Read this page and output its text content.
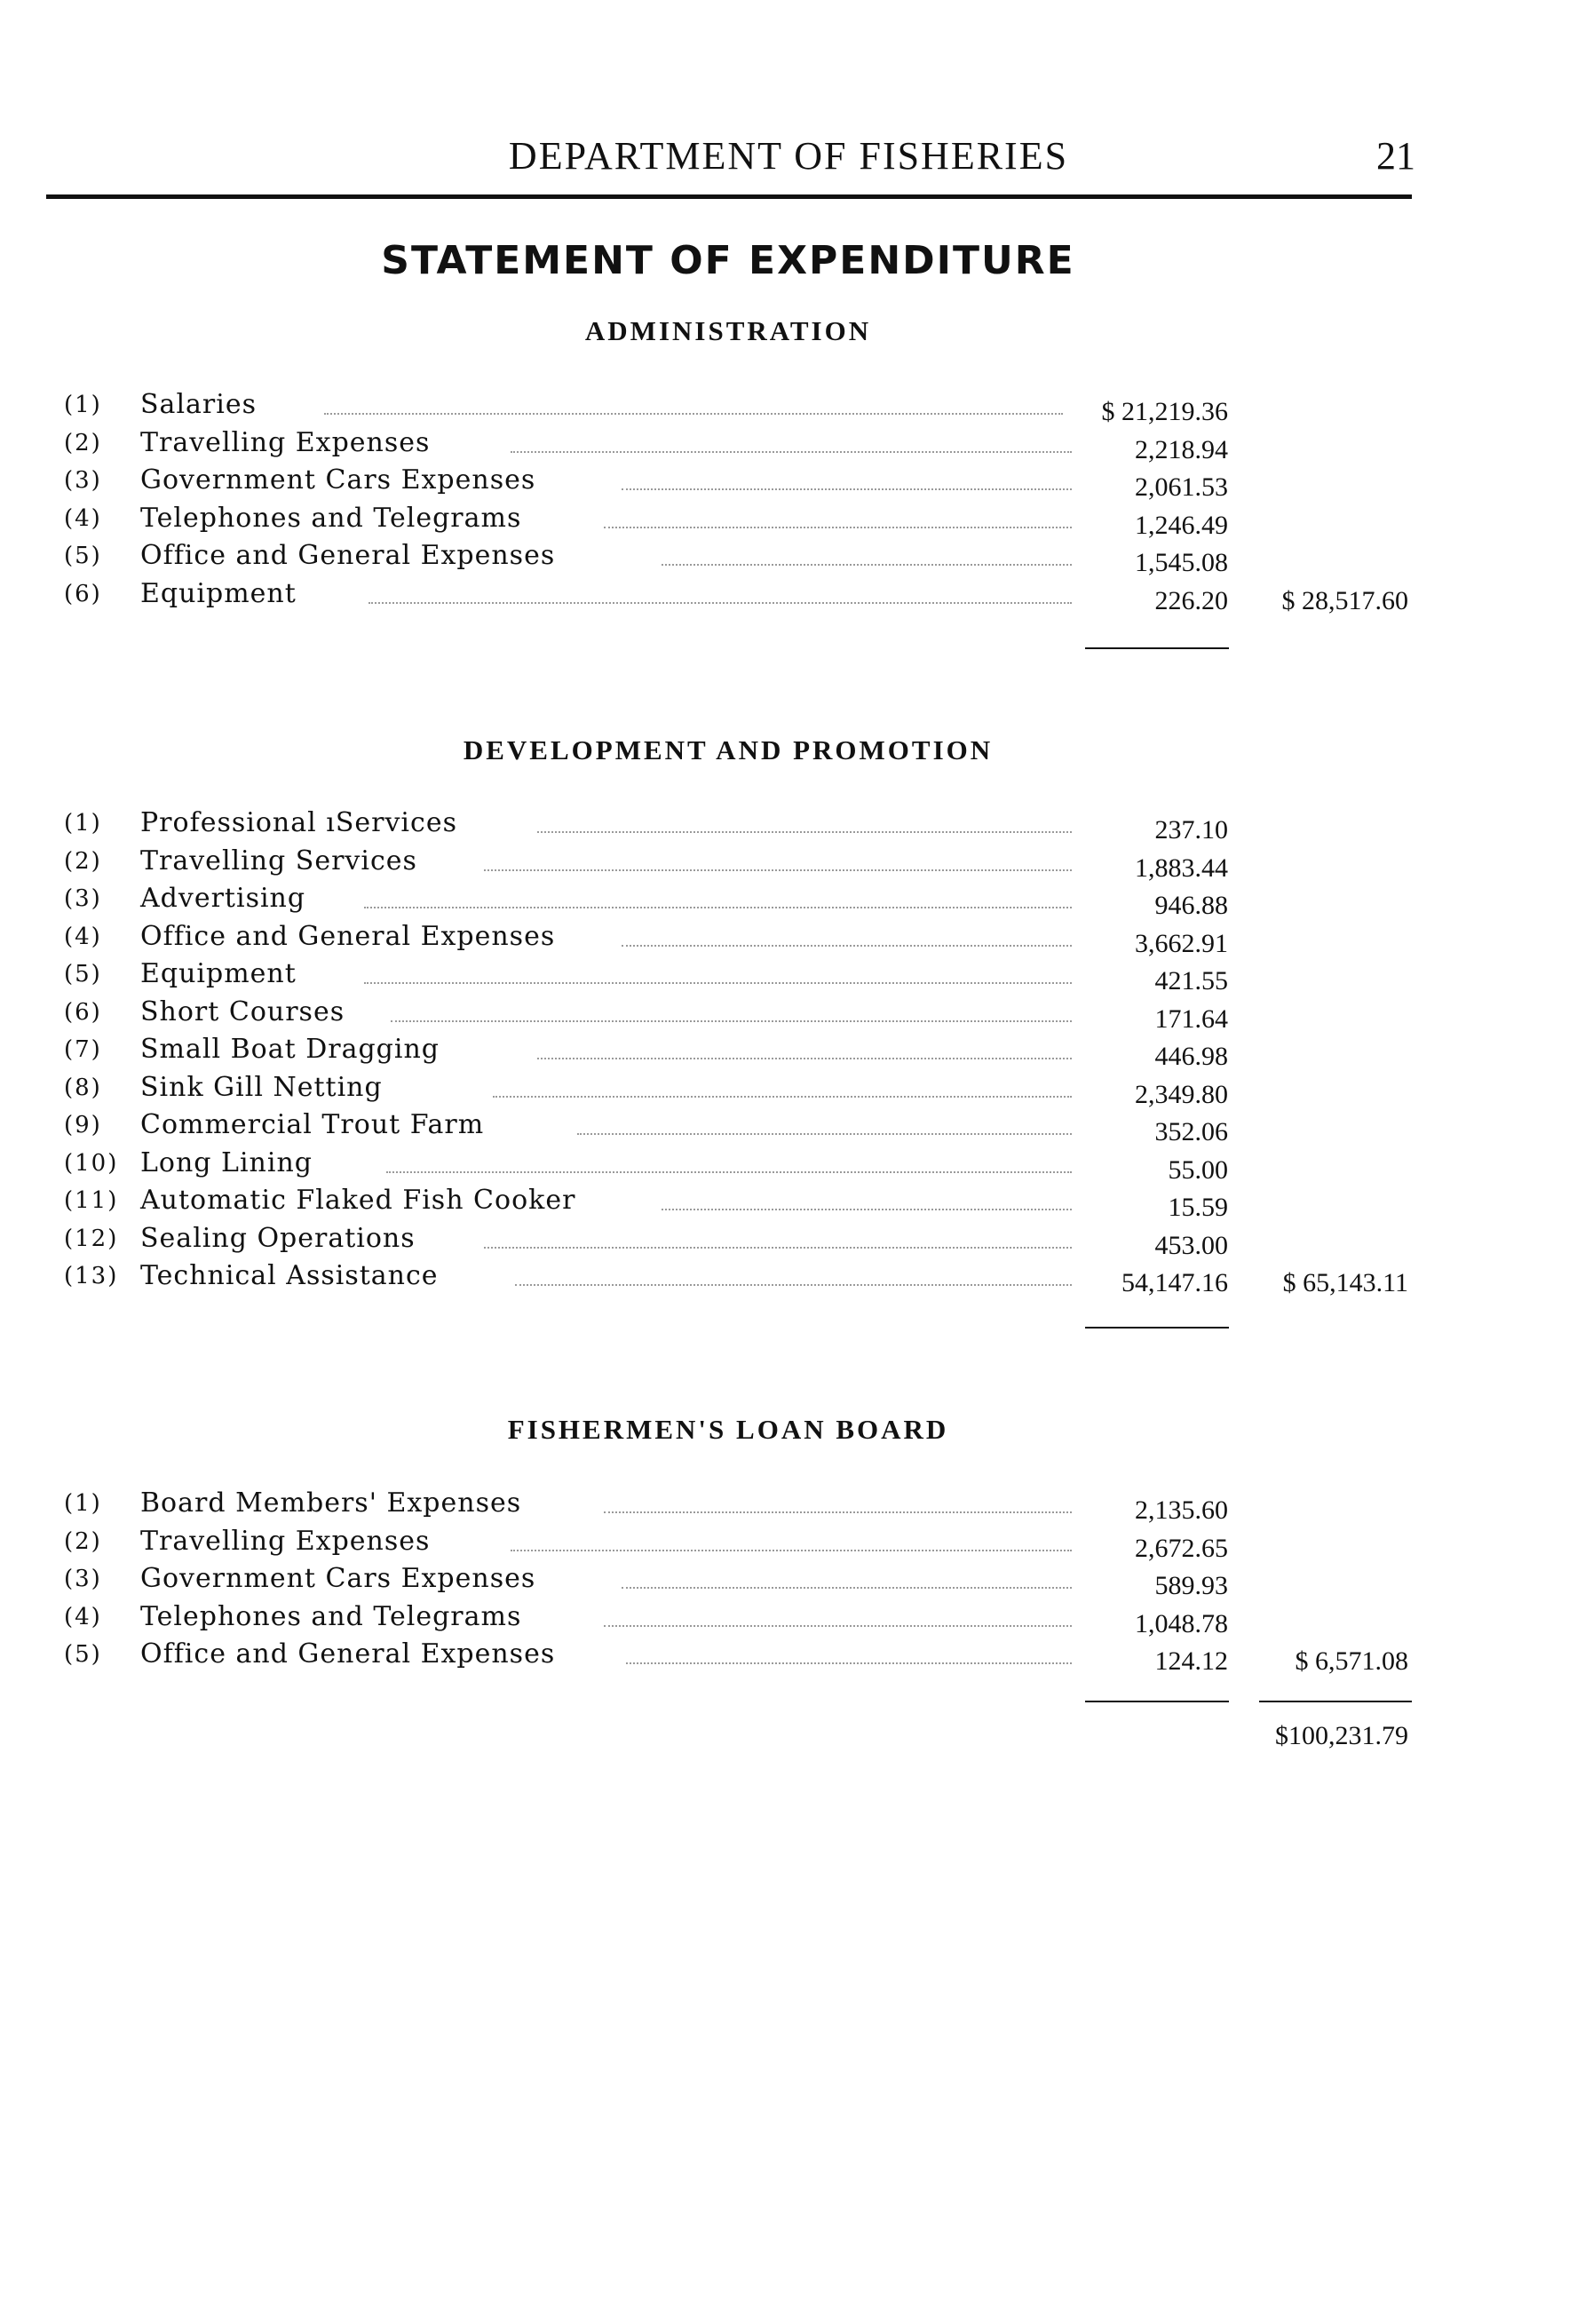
DEPARTMENT OF FISHERIES	21
STATEMENT OF EXPENDITURE
ADMINISTRATION
(1) Salaries	$ 21,219.36
(2) Travelling Expenses	2,218.94
(3) Government Cars Expenses	2,061.53
(4) Telephones and Telegrams	1,246.49
(5) Office and General Expenses	1,545.08
(6) Equipment	226.20 $ 28,517.60
DEVELOPMENT AND PROMOTION
(1) Professional ıServices	237.10
(2) Travelling Services	1,883.44
(3) Advertising	946.88
(4) Office and General Expenses	3,662.91
(5) Equipment	421.55
(6) Short Courses	171.64
(7) Small Boat Dragging	446.98
(8) Sink Gill Netting	2,349.80
(9) Commercial Trout Farm	352.06
(10) Long Lining	55.00
(11) Automatic Flaked Fish Cooker	15.59
(12) Sealing Operations	453.00
(13) Technical Assistance	54,147.16 $ 65,143.11
FISHERMEN'S LOAN BOARD
(1) Board Members' Expenses	2,135.60
(2) Travelling Expenses	2,672.65
(3) Government Cars Expenses	589.93
(4) Telephones and Telegrams	1,048.78
(5) Office and General Expenses	124.12	$ 6,571.08
$100,231.79
